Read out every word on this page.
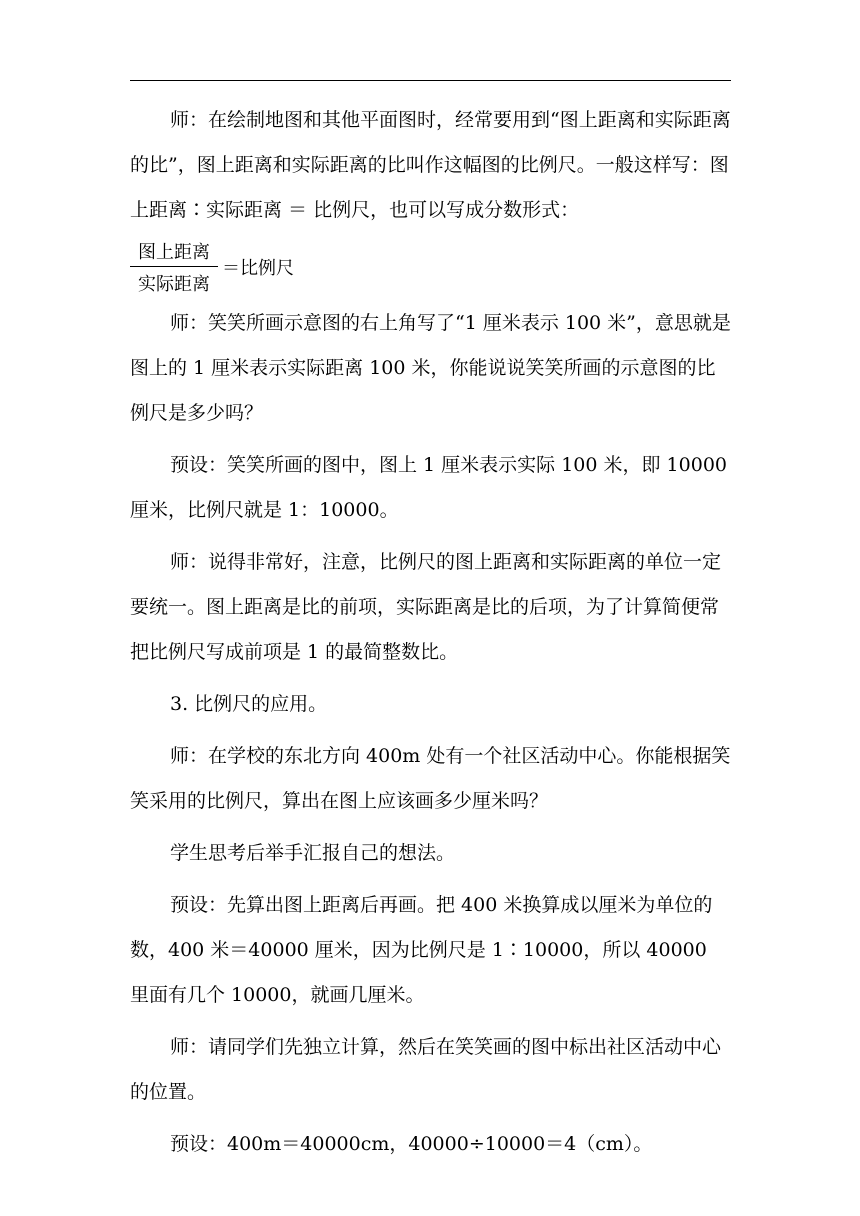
师：在绘制地图和其他平面图时，经常要用到“图上距离和实际距离的比”，图上距离和实际距离的比叫作这幅图的比例尺。一般这样写：图上距离∶实际距离 ＝ 比例尺，也可以写成分数形式：

$\frac{\text{图上距离}}{\text{实际距离}}$ ＝比例尺

师：笑笑所画示意图的右上角写了“1 厘米表示 100 米”，意思就是图上的 1 厘米表示实际距离 100 米，你能说说笑笑所画的示意图的比例尺是多少吗？

预设：笑笑所画的图中，图上 1 厘米表示实际 100 米，即 10000 厘米，比例尺就是 1：10000。

师：说得非常好，注意，比例尺的图上距离和实际距离的单位一定要统一。图上距离是比的前项，实际距离是比的后项，为了计算简便常把比例尺写成前项是 1 的最简整数比。

3. 比例尺的应用。

师：在学校的东北方向 400m 处有一个社区活动中心。你能根据笑笑采用的比例尺，算出在图上应该画多少厘米吗？

学生思考后举手汇报自己的想法。

预设：先算出图上距离后再画。把 400 米换算成以厘米为单位的数，400 米＝40000 厘米，因为比例尺是 1∶10000，所以 40000 里面有几个 10000，就画几厘米。

师：请同学们先独立计算，然后在笑笑画的图中标出社区活动中心的位置。

预设：400m＝40000cm，40000÷10000＝4（cm）。
